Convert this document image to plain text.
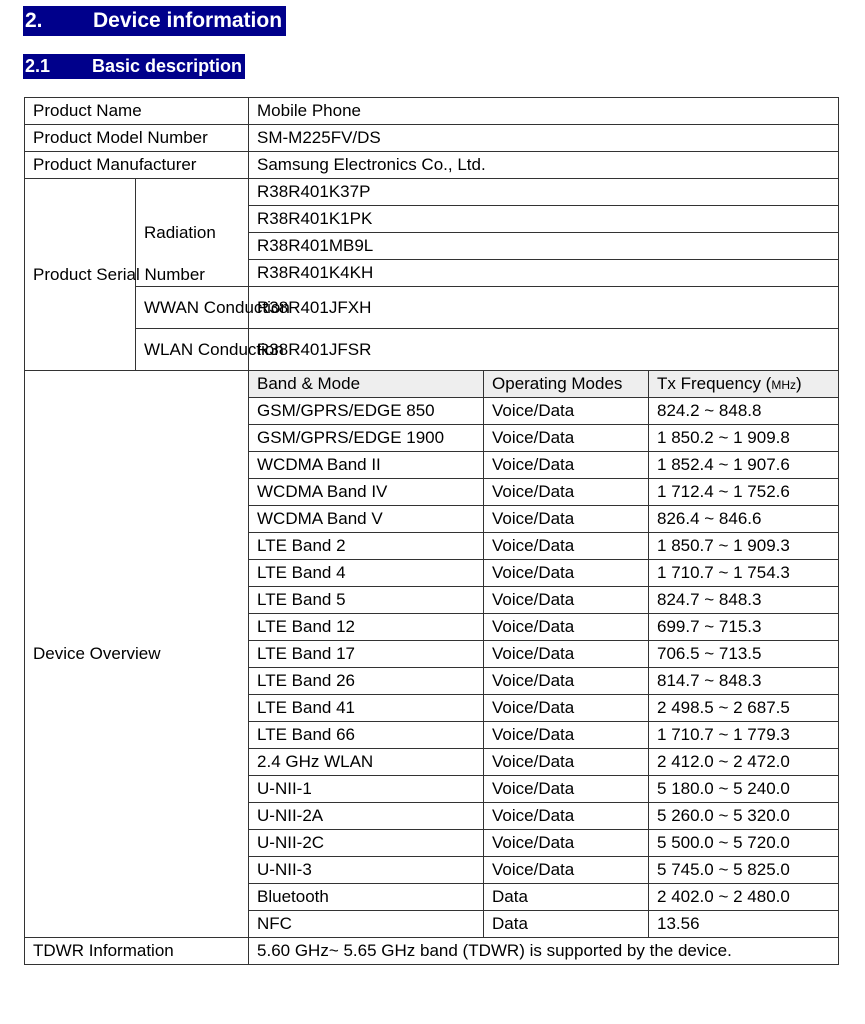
2. Device information
2.1 Basic description
Product Name		Mobile Phone		
Product Model Number		SM-M225FV/DS		
Product Manufacturer		Samsung Electronics Co., Ltd.		
Product Serial Number	Radiation	R38R401K37P		
		R38R401K1PK		
		R38R401MB9L		
		R38R401K4KH		
	WWAN Conduction	R38R401JFXH		
	WLAN Conduction	R38R401JFSR		
Device Overview		Band & Mode	Operating Modes	Tx Frequency (MHz)
		GSM/GPRS/EDGE 850	Voice/Data	824.2 ~ 848.8
		GSM/GPRS/EDGE 1900	Voice/Data	1 850.2 ~ 1 909.8
		WCDMA Band II	Voice/Data	1 852.4 ~ 1 907.6
		WCDMA Band IV	Voice/Data	1 712.4 ~ 1 752.6
		WCDMA Band V	Voice/Data	826.4 ~ 846.6
		LTE Band 2	Voice/Data	1 850.7 ~ 1 909.3
		LTE Band 4	Voice/Data	1 710.7 ~ 1 754.3
		LTE Band 5	Voice/Data	824.7 ~ 848.3
		LTE Band 12	Voice/Data	699.7 ~ 715.3
		LTE Band 17	Voice/Data	706.5 ~ 713.5
		LTE Band 26	Voice/Data	814.7 ~ 848.3
		LTE Band 41	Voice/Data	2 498.5 ~ 2 687.5
		LTE Band 66	Voice/Data	1 710.7 ~ 1 779.3
		2.4 GHz WLAN	Voice/Data	2 412.0 ~ 2 472.0
		U-NII-1	Voice/Data	5 180.0 ~ 5 240.0
		U-NII-2A	Voice/Data	5 260.0 ~ 5 320.0
		U-NII-2C	Voice/Data	5 500.0 ~ 5 720.0
		U-NII-3	Voice/Data	5 745.0 ~ 5 825.0
		Bluetooth	Data	2 402.0 ~ 2 480.0
		NFC	Data	13.56
TDWR Information		5.60 GHz~ 5.65 GHz band (TDWR) is supported by the device.		
